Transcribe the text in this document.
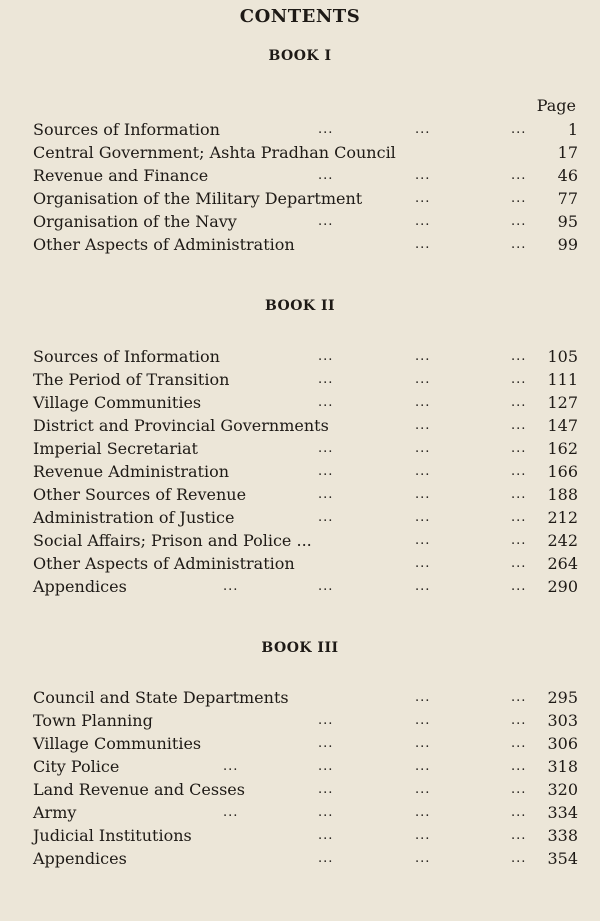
CONTENTS
Page
BOOK I
Sources of Information	...	...	...	1
Central Government; Ashta Pradhan Council	17
Revenue and Finance	...	...	... 46
Organisation of the Military Department	...	... 77
Organisation of the Navy	...	...	... 95
Other Aspects of Administration	...	... 99
BOOK II
Sources of Information	...	...	... 105
The Period of Transition	...	...	... 111
Village Communities	...	...	... 127
District and Provincial Governments	...	... 147
Imperial Secretariat	...	...	... 162
Revenue Administration	...	...	... 166
Other Sources of Revenue	...	...	... 188
Administration of Justice	...	...	... 212
Social Affairs; Prison and Police ...	...	... 242
Other Aspects of Administration	...	... 264
Appendices	...	...	...	... 290
BOOK III
Council and State Departments	...	... 295
Town Planning	...	...	... 303
Village Communities	...	...	... 306
City Police	...	...	...	... 318
Land Revenue and Cesses	...	...	... 320
Army	...	...	...	... 334
Judicial Institutions	...	...	... 338
Appendices	...	...	... 354
